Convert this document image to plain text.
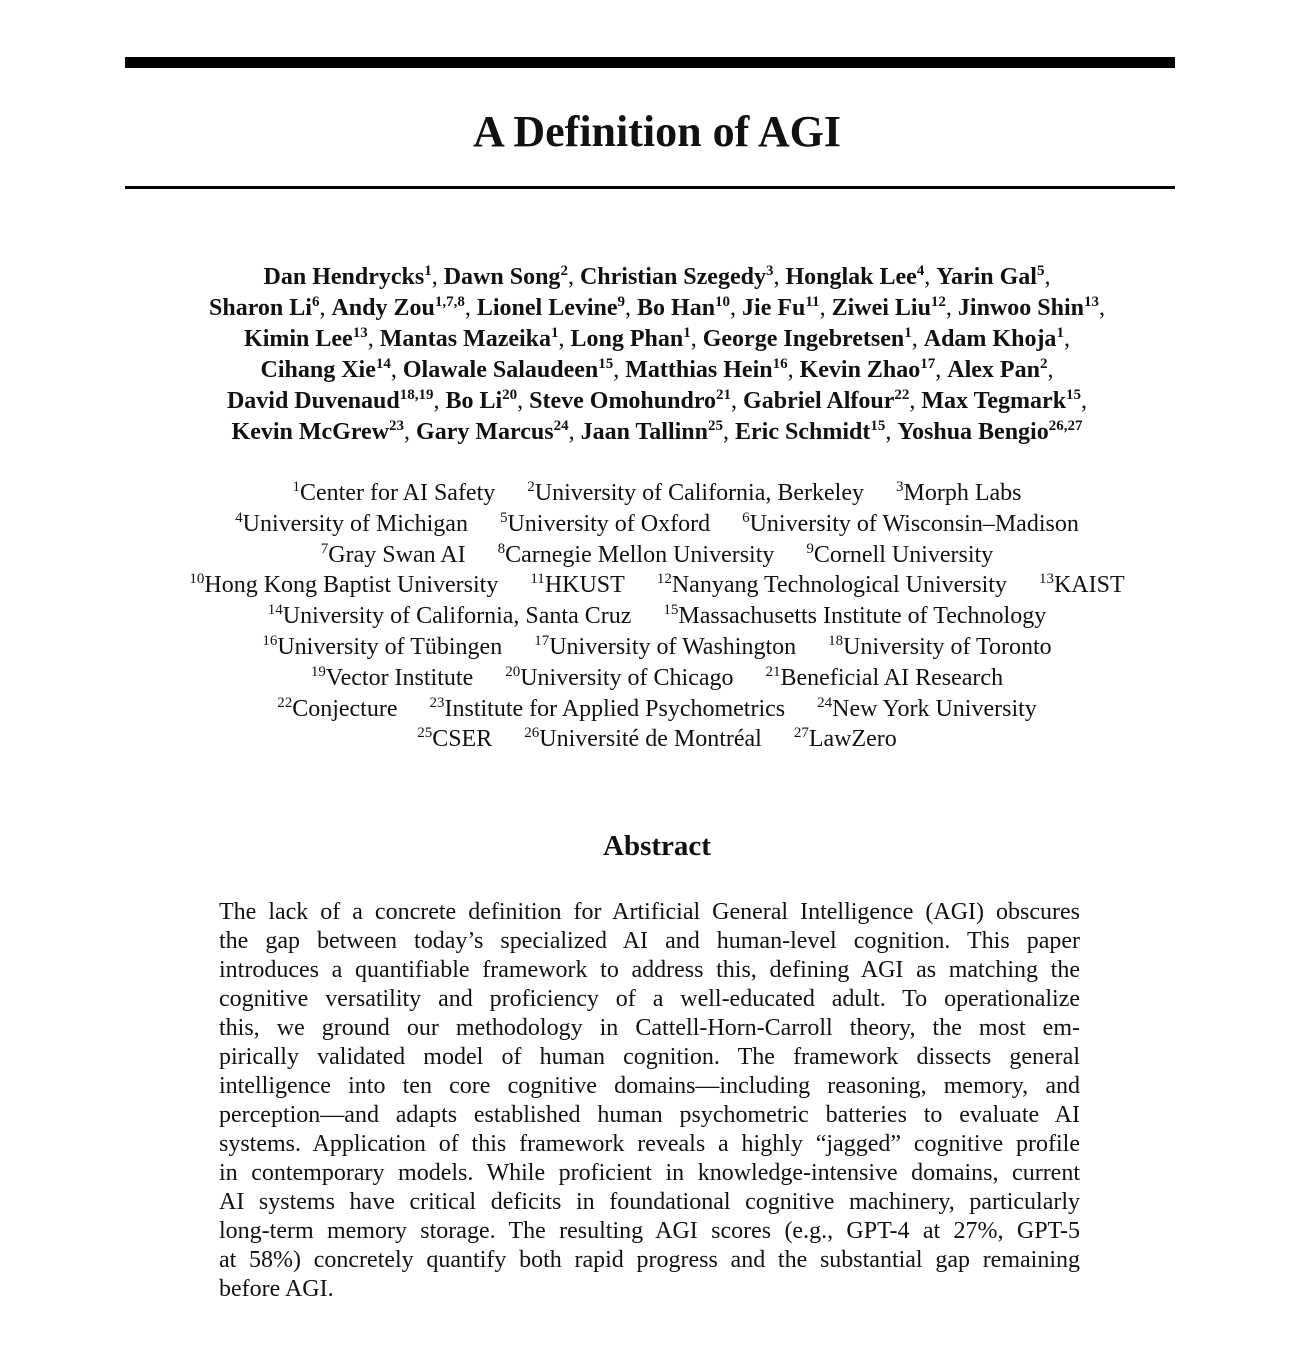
A Definition of AGI
Dan Hendrycks$^1$, Dawn Song$^2$, Christian Szegedy$^3$, Honglak Lee$^4$, Yarin Gal$^5$,
Sharon Li$^6$, Andy Zou$^{1,7,8}$, Lionel Levine$^9$, Bo Han$^{10}$, Jie Fu$^{11}$, Ziwei Liu$^{12}$, Jinwoo Shin$^{13}$,
Kimin Lee$^{13}$, Mantas Mazeika$^1$, Long Phan$^1$, George Ingebretsen$^1$, Adam Khoja$^1$,
Cihang Xie$^{14}$, Olawale Salaudeen$^{15}$, Matthias Hein$^{16}$, Kevin Zhao$^{17}$, Alex Pan$^2$,
David Duvenaud$^{18,19}$, Bo Li$^{20}$, Steve Omohundro$^{21}$, Gabriel Alfour$^{22}$, Max Tegmark$^{15}$,
Kevin McGrew$^{23}$, Gary Marcus$^{24}$, Jaan Tallinn$^{25}$, Eric Schmidt$^{15}$, Yoshua Bengio$^{26,27}$
$^1$Center for AI Safety $^2$University of California, Berkeley $^3$Morph Labs
$^4$University of Michigan $^5$University of Oxford $^6$University of Wisconsin–Madison
$^7$Gray Swan AI $^8$Carnegie Mellon University $^9$Cornell University
$^{10}$Hong Kong Baptist University $^{11}$HKUST $^{12}$Nanyang Technological University $^{13}$KAIST
$^{14}$University of California, Santa Cruz $^{15}$Massachusetts Institute of Technology
$^{16}$University of Tübingen $^{17}$University of Washington $^{18}$University of Toronto
$^{19}$Vector Institute $^{20}$University of Chicago $^{21}$Beneficial AI Research
$^{22}$Conjecture $^{23}$Institute for Applied Psychometrics $^{24}$New York University
$^{25}$CSER $^{26}$Université de Montréal $^{27}$LawZero
Abstract
The lack of a concrete definition for Artificial General Intelligence (AGI) obscures
the gap between today’s specialized AI and human-level cognition. This paper
introduces a quantifiable framework to address this, defining AGI as matching the
cognitive versatility and proficiency of a well-educated adult. To operationalize
this, we ground our methodology in Cattell-Horn-Carroll theory, the most em-
pirically validated model of human cognition. The framework dissects general
intelligence into ten core cognitive domains—including reasoning, memory, and
perception—and adapts established human psychometric batteries to evaluate AI
systems. Application of this framework reveals a highly “jagged” cognitive profile
in contemporary models. While proficient in knowledge-intensive domains, current
AI systems have critical deficits in foundational cognitive machinery, particularly
long-term memory storage. The resulting AGI scores (e.g., GPT-4 at 27%, GPT-5
at 58%) concretely quantify both rapid progress and the substantial gap remaining
before AGI.
